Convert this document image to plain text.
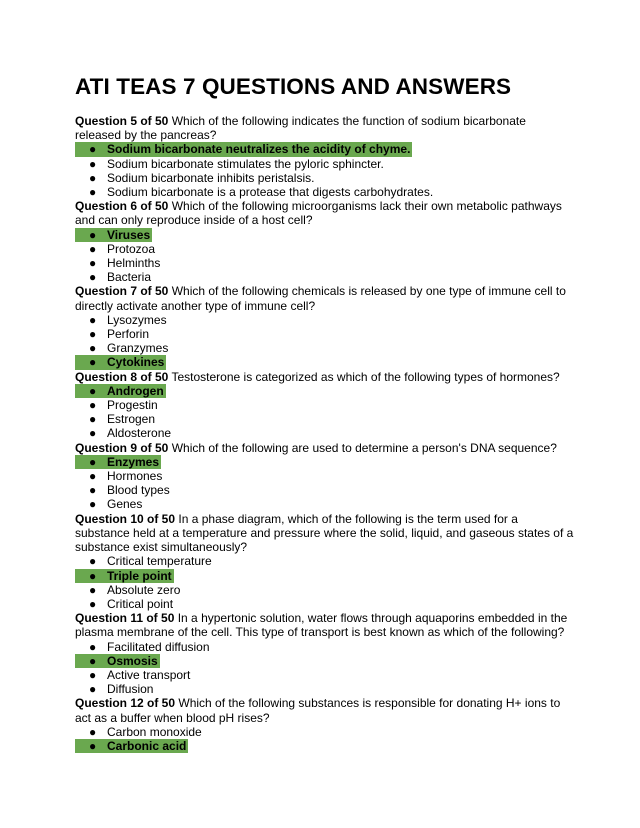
ATI TEAS 7 QUESTIONS AND ANSWERS

Question 5 of 50 Which of the following indicates the function of sodium bicarbonate released by the pancreas?

● Sodium bicarbonate neutralizes the acidity of chyme.
● Sodium bicarbonate stimulates the pyloric sphincter.
● Sodium bicarbonate inhibits peristalsis.
● Sodium bicarbonate is a protease that digests carbohydrates.

Question 6 of 50 Which of the following microorganisms lack their own metabolic pathways and can only reproduce inside of a host cell?

● Viruses
● Protozoa
● Helminths
● Bacteria

Question 7 of 50 Which of the following chemicals is released by one type of immune cell to directly activate another type of immune cell?

● Lysozymes
● Perforin
● Granzymes
● Cytokines

Question 8 of 50 Testosterone is categorized as which of the following types of hormones?

● Androgen
● Progestin
● Estrogen
● Aldosterone

Question 9 of 50 Which of the following are used to determine a person's DNA sequence?

● Enzymes
● Hormones
● Blood types
● Genes

Question 10 of 50 In a phase diagram, which of the following is the term used for a substance held at a temperature and pressure where the solid, liquid, and gaseous states of a substance exist simultaneously?

● Critical temperature
● Triple point
● Absolute zero
● Critical point

Question 11 of 50 In a hypertonic solution, water flows through aquaporins embedded in the plasma membrane of the cell. This type of transport is best known as which of the following?

● Facilitated diffusion
● Osmosis
● Active transport
● Diffusion

Question 12 of 50 Which of the following substances is responsible for donating H+ ions to act as a buffer when blood pH rises?

● Carbon monoxide
● Carbonic acid
